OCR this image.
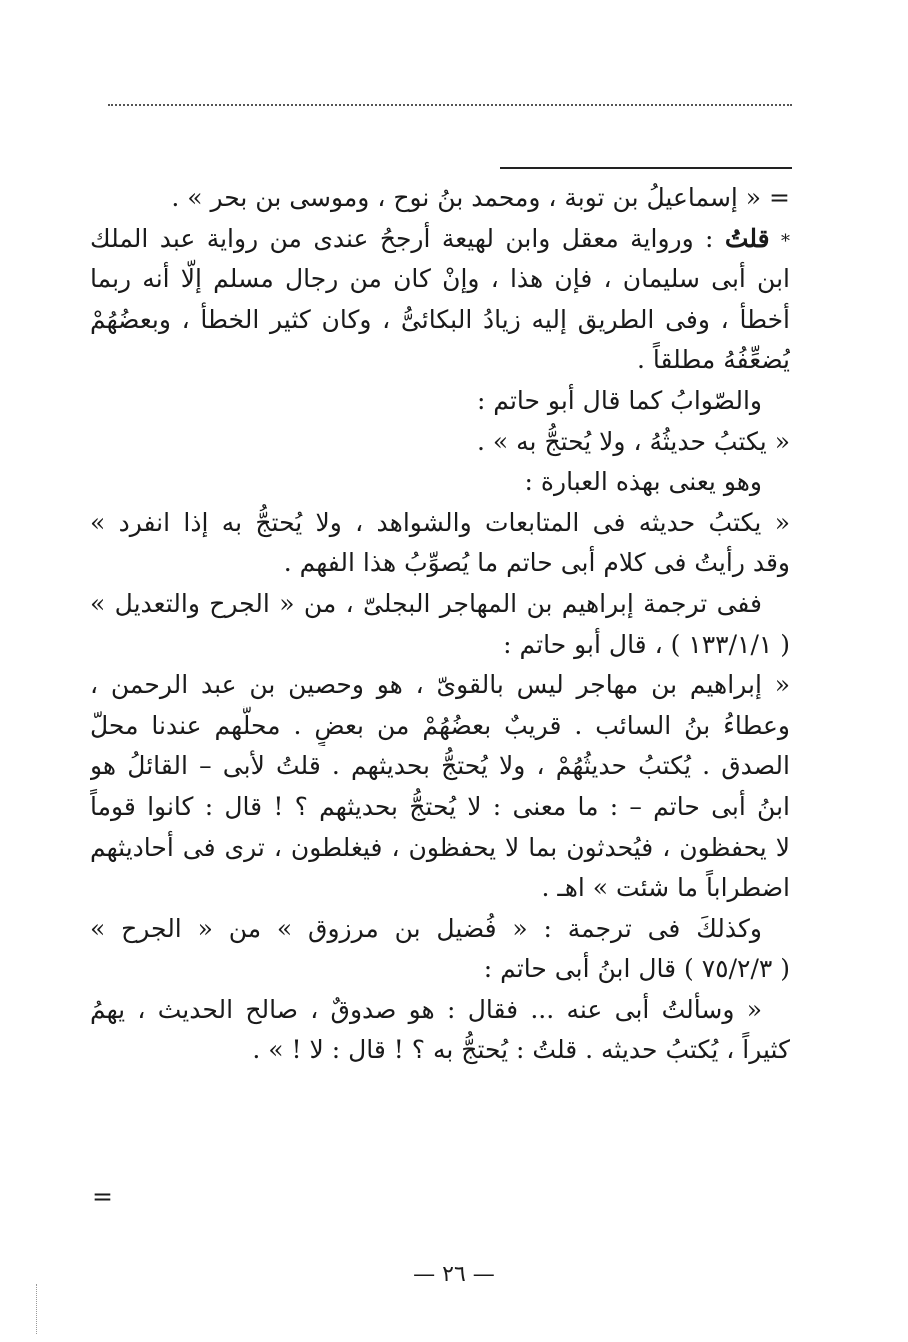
= « إسماعيلُ بن توبة ، ومحمد بنُ نوح ، وموسى بن بحر » .
* قلتُ : ورواية معقل وابن لهيعة أرجحُ عندى من رواية عبد الملك
ابن أبى سليمان ، فإن هذا ، وإنْ كان من رجال مسلم إلّا أنه ربما
أخطأ ، وفى الطريق إليه زيادُ البكائىُّ ، وكان كثير الخطأ ، وبعضُهُمْ
يُضعِّفُهُ مطلقاً .
والصّوابُ كما قال أبو حاتم :
« يكتبُ حديثُهُ ، ولا يُحتجُّ به » .
وهو يعنى بهذه العبارة :
« يكتبُ حديثه فى المتابعات والشواهد ، ولا يُحتجُّ به إذا انفرد »
وقد رأيتُ فى كلام أبى حاتم ما يُصوِّبُ هذا الفهم .
ففى ترجمة إبراهيم بن المهاجر البجلىّ ، من « الجرح والتعديل »
( ١٣٣/١/١ ) ، قال أبو حاتم :
« إبراهيم بن مهاجر ليس بالقوىّ ، هو وحصين بن عبد الرحمن ،
وعطاءُ بنُ السائب . قريبٌ بعضُهُمْ من بعضٍ . محلُّهم عندنا محلّ
الصدق . يُكتبُ حديثُهُمْ ، ولا يُحتجُّ بحديثهم . قلتُ لأبى – القائلُ هو
ابنُ أبى حاتم – : ما معنى : لا يُحتجُّ بحديثهم ؟ ! قال : كانوا قوماً
لا يحفظون ، فيُحدثون بما لا يحفظون ، فيغلطون ، ترى فى أحاديثهم
اضطراباً ما شئت » اهـ .
وكذلكَ فى ترجمة : « فُضيل بن مرزوق » من « الجرح »
( ٧٥/٢/٣ ) قال ابنُ أبى حاتم :
« وسألتُ أبى عنه ... فقال : هو صدوقٌ ، صالح الحديث ، يهمُ
كثيراً ، يُكتبُ حديثه . قلتُ : يُحتجُّ به ؟ ! قال : لا ! » .
=
— ٢٦ —
